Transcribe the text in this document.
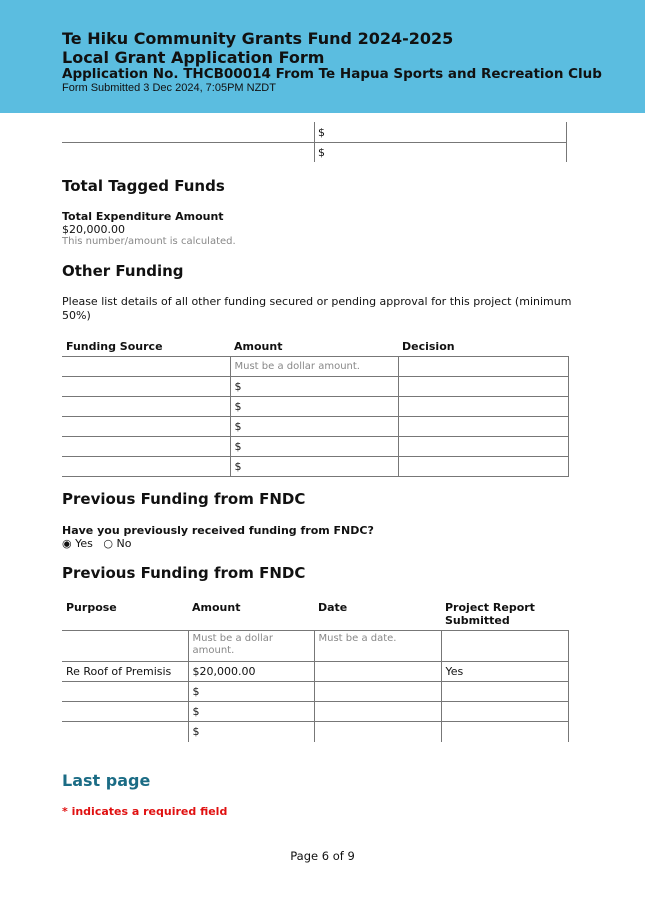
Te Hiku Community Grants Fund 2024-2025
Local Grant Application Form
Application No. THCB00014 From Te Hapua Sports and Recreation Club
Form Submitted 3 Dec 2024, 7:05PM NZDT
$
$
Total Tagged Funds
Total Expenditure Amount
$20,000.00
This number/amount is calculated.
Other Funding
Please list details of all other funding secured or pending approval for this project (minimum 50%)
Funding Source	Amount	Decision
	Must be a dollar amount.	
	$	
	$	
	$	
	$	
	$	
Previous Funding from FNDC
Have you previously received funding from FNDC?
◉ Yes ○ No
Previous Funding from FNDC
Purpose	Amount	Date	Project Report Submitted
	Must be a dollar amount.	Must be a date.	
Re Roof of Premisis	$20,000.00		Yes
	$		
	$		
	$		
Last page
* indicates a required field
Page 6 of 9
